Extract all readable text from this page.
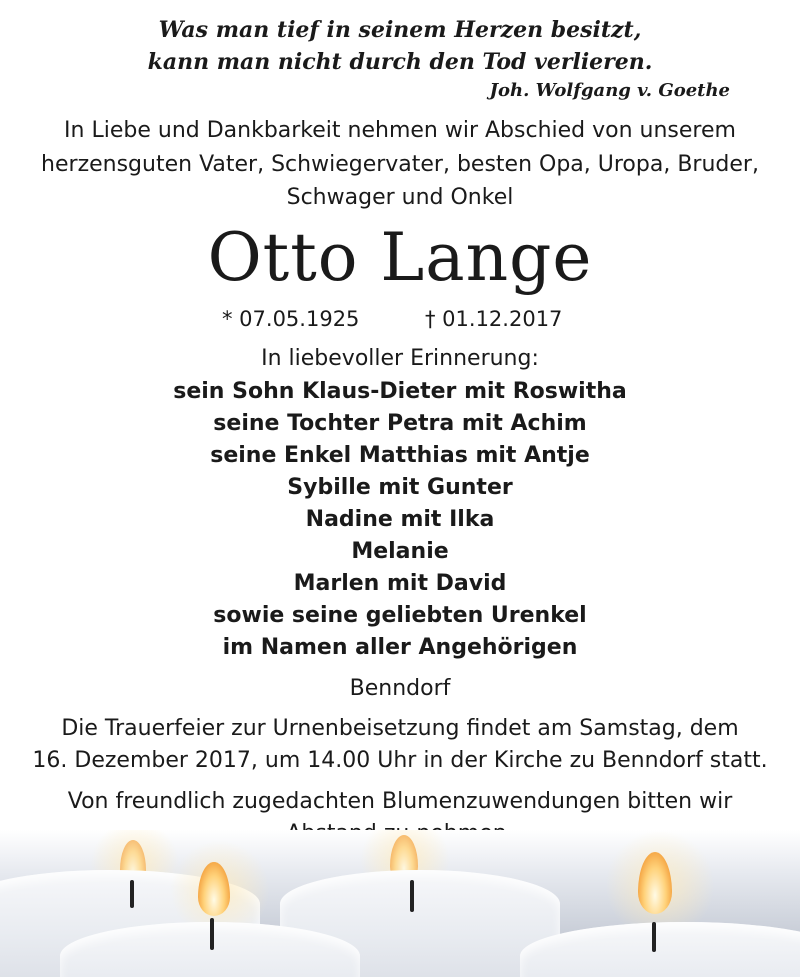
Was man tief in seinem Herzen besitzt,
kann man nicht durch den Tod verlieren.
Joh. Wolfgang v. Goethe
In Liebe und Dankbarkeit nehmen wir Abschied von unserem
herzensguten Vater, Schwiegervater, besten Opa, Uropa, Bruder,
Schwager und Onkel
Otto Lange
* 07.05.1925	† 01.12.2017
In liebevoller Erinnerung:
sein Sohn Klaus-Dieter mit Roswitha
seine Tochter Petra mit Achim
seine Enkel Matthias mit Antje
Sybille mit Gunter
Nadine mit Ilka
Melanie
Marlen mit David
sowie seine geliebten Urenkel
im Namen aller Angehörigen
Benndorf
Die Trauerfeier zur Urnenbeisetzung findet am Samstag, dem
16. Dezember 2017, um 14.00 Uhr in der Kirche zu Benndorf statt.
Von freundlich zugedachten Blumenzuwendungen bitten wir
